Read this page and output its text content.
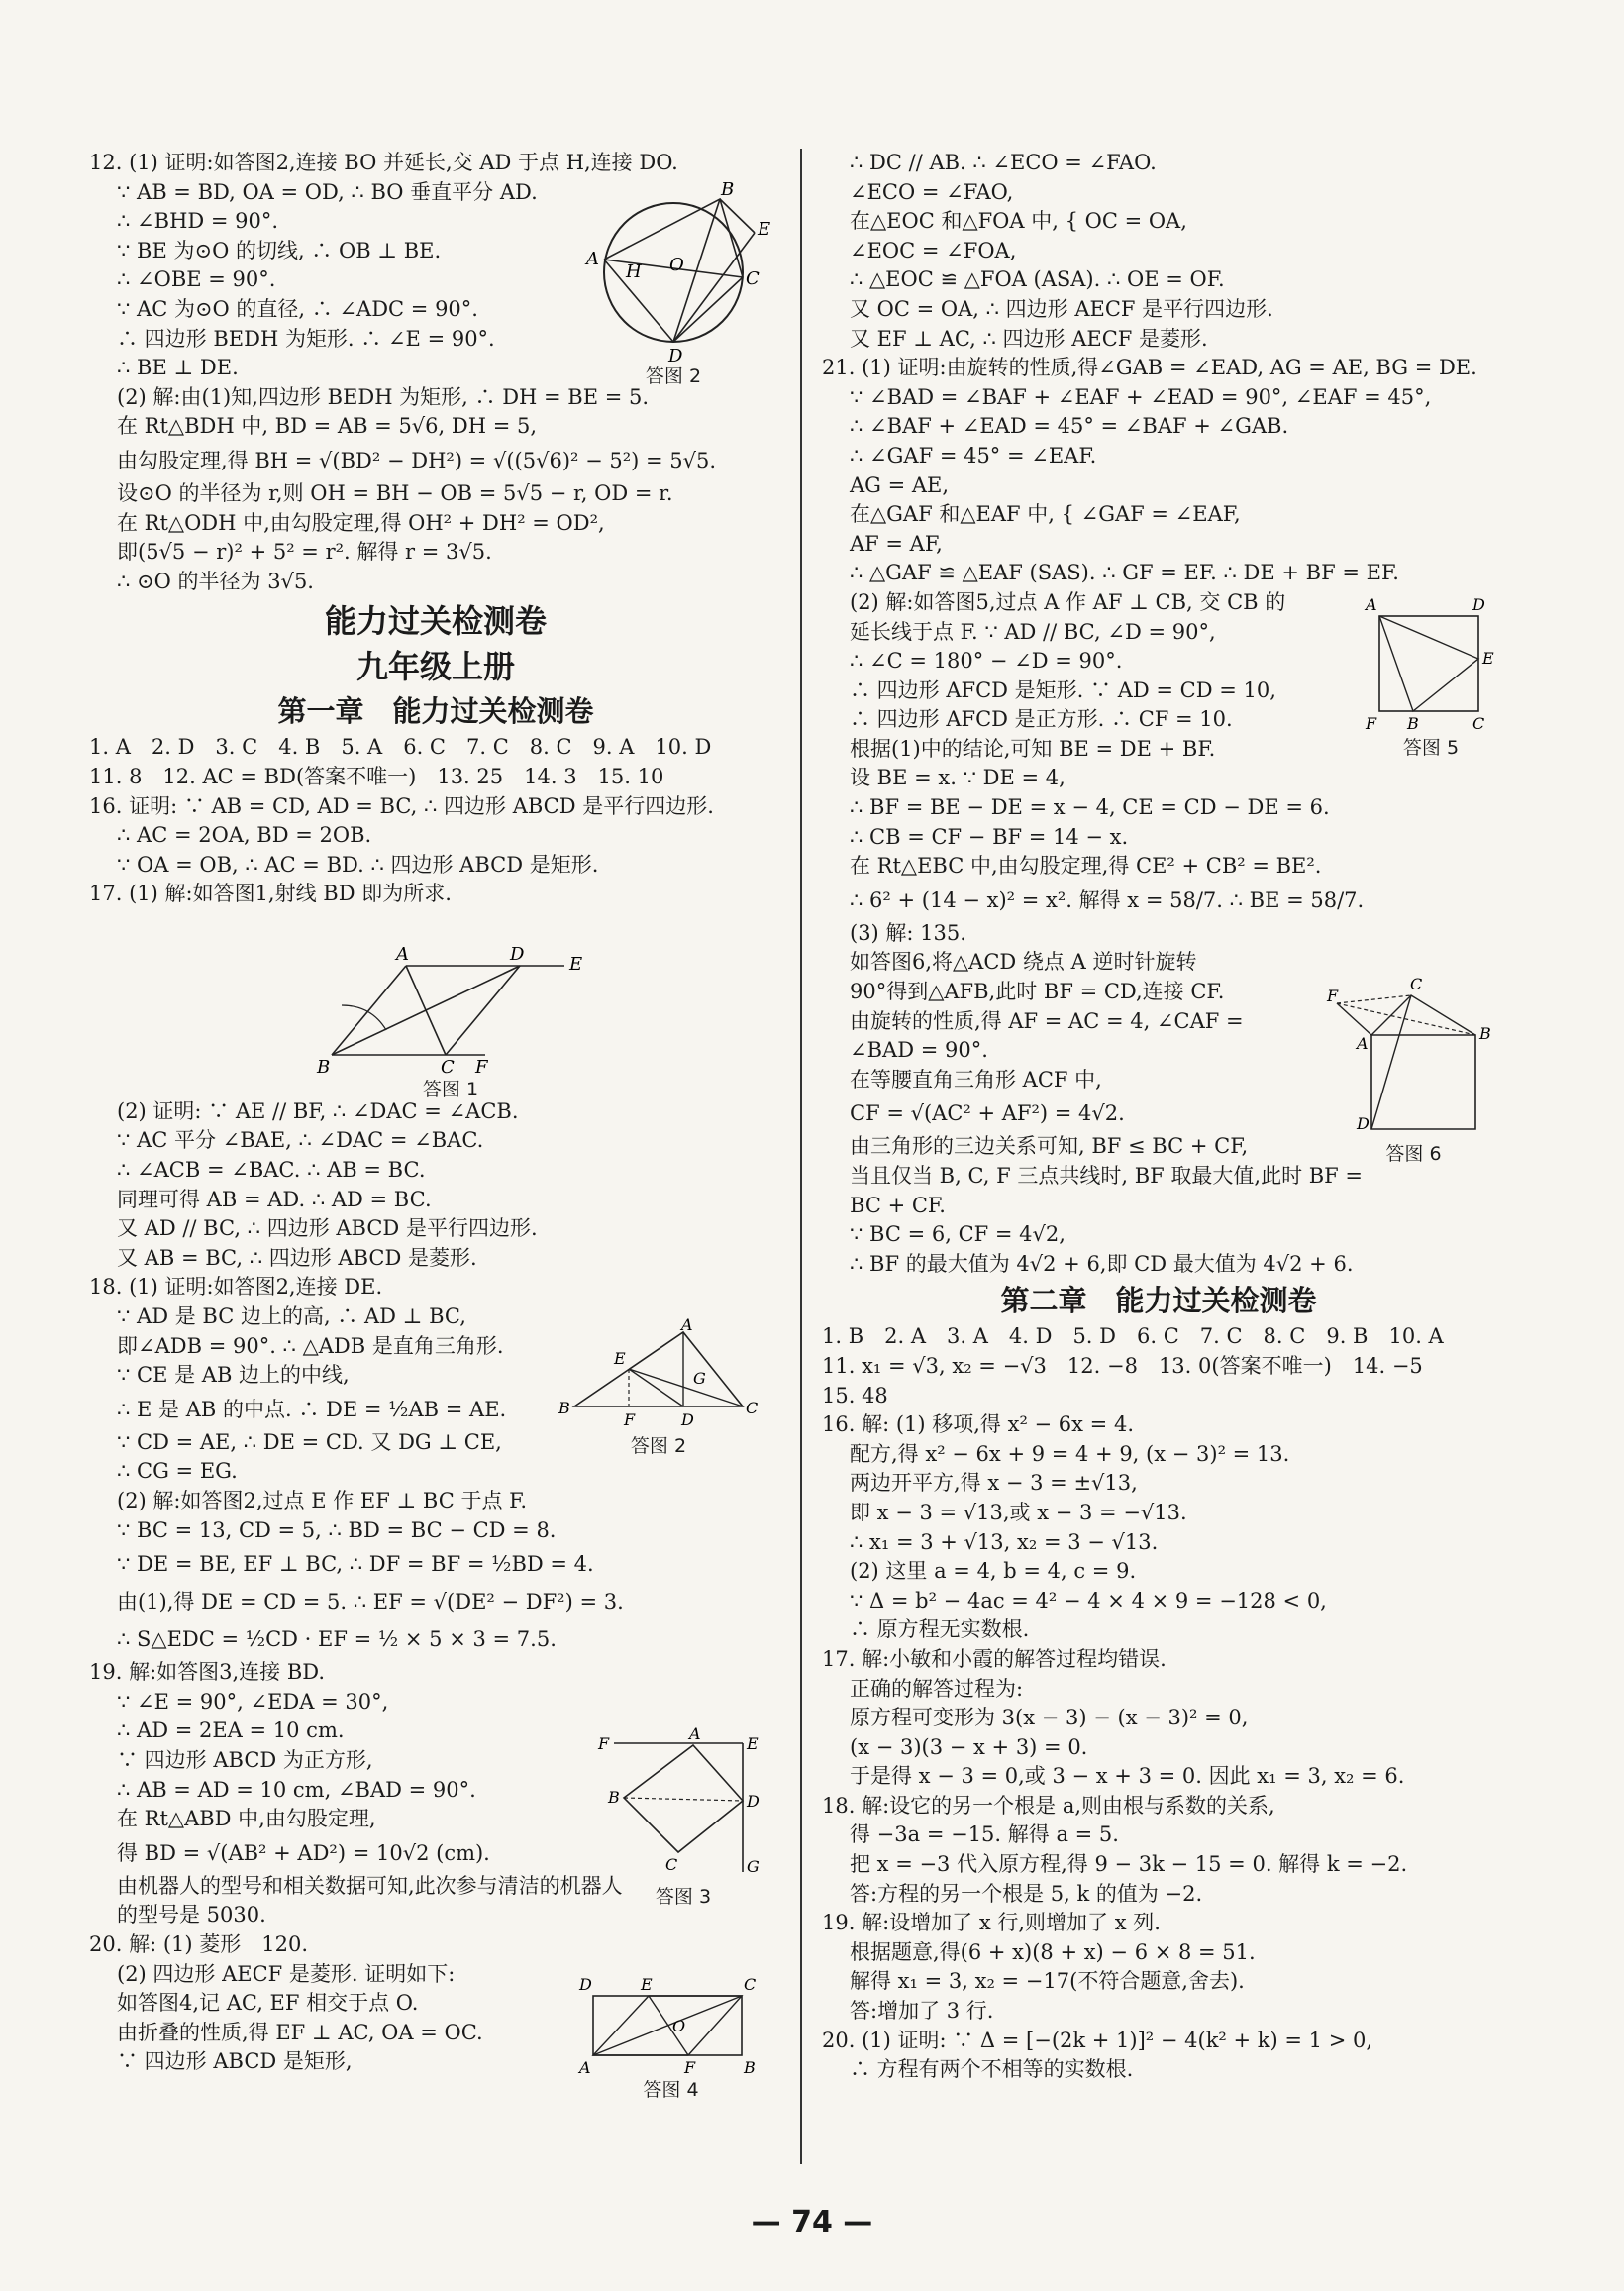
12. (1) 证明:如答图2,连接 BO 并延长,交 AD 于点 H,连接 DO.
∵ AB = BD, OA = OD, ∴ BO 垂直平分 AD.
∴ ∠BHD = 90°.
∵ BE 为⊙O 的切线, ∴ OB ⊥ BE.
∴ ∠OBE = 90°.
∵ AC 为⊙O 的直径, ∴ ∠ADC = 90°.
∴ 四边形 BEDH 为矩形. ∴ ∠E = 90°.
∴ BE ⊥ DE.
(2) 解:由(1)知,四边形 BEDH 为矩形, ∴ DH = BE = 5.
在 Rt△BDH 中, BD = AB = 5√6, DH = 5,
由勾股定理,得 BH = √(BD² − DH²) = √((5√6)² − 5²) = 5√5.
设⊙O 的半径为 r,则 OH = BH − OB = 5√5 − r, OD = r.
在 Rt△ODH 中,由勾股定理,得 OH² + DH² = OD²,
即(5√5 − r)² + 5² = r². 解得 r = 3√5.
∴ ⊙O 的半径为 3√5.
能力过关检测卷
九年级上册
第一章　能力过关检测卷
1. A　2. D　3. C　4. B　5. A　6. C　7. C　8. C　9. A　10. D
11. 8　12. AC = BD(答案不唯一)　13. 25　14. 3　15. 10
16. 证明: ∵ AB = CD, AD = BC, ∴ 四边形 ABCD 是平行四边形.
∴ AC = 2OA, BD = 2OB.
∵ OA = OB, ∴ AC = BD. ∴ 四边形 ABCD 是矩形.
17. (1) 解:如答图1,射线 BD 即为所求.
(2) 证明: ∵ AE // BF, ∴ ∠DAC = ∠ACB.
∵ AC 平分 ∠BAE, ∴ ∠DAC = ∠BAC.
∴ ∠ACB = ∠BAC. ∴ AB = BC.
同理可得 AB = AD. ∴ AD = BC.
又 AD // BC, ∴ 四边形 ABCD 是平行四边形.
又 AB = BC, ∴ 四边形 ABCD 是菱形.
18. (1) 证明:如答图2,连接 DE.
∵ AD 是 BC 边上的高, ∴ AD ⊥ BC,
即∠ADB = 90°. ∴ △ADB 是直角三角形.
∵ CE 是 AB 边上的中线,
∴ E 是 AB 的中点. ∴ DE = ½AB = AE.
∵ CD = AE, ∴ DE = CD. 又 DG ⊥ CE,
∴ CG = EG.
(2) 解:如答图2,过点 E 作 EF ⊥ BC 于点 F.
∵ BC = 13, CD = 5, ∴ BD = BC − CD = 8.
∵ DE = BE, EF ⊥ BC, ∴ DF = BF = ½BD = 4.
由(1),得 DE = CD = 5. ∴ EF = √(DE² − DF²) = 3.
∴ S△EDC = ½CD · EF = ½ × 5 × 3 = 7.5.
19. 解:如答图3,连接 BD.
∵ ∠E = 90°, ∠EDA = 30°,
∴ AD = 2EA = 10 cm.
∵ 四边形 ABCD 为正方形,
∴ AB = AD = 10 cm, ∠BAD = 90°.
在 Rt△ABD 中,由勾股定理,
得 BD = √(AB² + AD²) = 10√2 (cm).
由机器人的型号和相关数据可知,此次参与清洁的机器人
的型号是 5030.
20. 解: (1) 菱形　120.
(2) 四边形 AECF 是菱形. 证明如下:
如答图4,记 AC, EF 相交于点 O.
由折叠的性质,得 EF ⊥ AC, OA = OC.
∵ 四边形 ABCD 是矩形,
∴ DC // AB. ∴ ∠ECO = ∠FAO.
∠ECO = ∠FAO,
在△EOC 和△FOA 中, { OC = OA,
∠EOC = ∠FOA,
∴ △EOC ≌ △FOA (ASA). ∴ OE = OF.
又 OC = OA, ∴ 四边形 AECF 是平行四边形.
又 EF ⊥ AC, ∴ 四边形 AECF 是菱形.
21. (1) 证明:由旋转的性质,得∠GAB = ∠EAD, AG = AE, BG = DE.
∵ ∠BAD = ∠BAF + ∠EAF + ∠EAD = 90°, ∠EAF = 45°,
∴ ∠BAF + ∠EAD = 45° = ∠BAF + ∠GAB.
∴ ∠GAF = 45° = ∠EAF.
AG = AE,
在△GAF 和△EAF 中, { ∠GAF = ∠EAF,
AF = AF,
∴ △GAF ≌ △EAF (SAS). ∴ GF = EF. ∴ DE + BF = EF.
(2) 解:如答图5,过点 A 作 AF ⊥ CB, 交 CB 的
延长线于点 F. ∵ AD // BC, ∠D = 90°,
∴ ∠C = 180° − ∠D = 90°.
∴ 四边形 AFCD 是矩形. ∵ AD = CD = 10,
∴ 四边形 AFCD 是正方形. ∴ CF = 10.
根据(1)中的结论,可知 BE = DE + BF.
设 BE = x. ∵ DE = 4,
∴ BF = BE − DE = x − 4, CE = CD − DE = 6.
∴ CB = CF − BF = 14 − x.
在 Rt△EBC 中,由勾股定理,得 CE² + CB² = BE².
∴ 6² + (14 − x)² = x². 解得 x = 58/7. ∴ BE = 58/7.
(3) 解: 135.
如答图6,将△ACD 绕点 A 逆时针旋转
90°得到△AFB,此时 BF = CD,连接 CF.
由旋转的性质,得 AF = AC = 4, ∠CAF =
∠BAD = 90°.
在等腰直角三角形 ACF 中,
CF = √(AC² + AF²) = 4√2.
由三角形的三边关系可知, BF ≤ BC + CF,
当且仅当 B, C, F 三点共线时, BF 取最大值,此时 BF =
BC + CF.
∵ BC = 6, CF = 4√2,
∴ BF 的最大值为 4√2 + 6,即 CD 最大值为 4√2 + 6.
第二章　能力过关检测卷
1. B　2. A　3. A　4. D　5. D　6. C　7. C　8. C　9. B　10. A
11. x₁ = √3, x₂ = −√3　12. −8　13. 0(答案不唯一)　14. −5
15. 48
16. 解: (1) 移项,得 x² − 6x = 4.
配方,得 x² − 6x + 9 = 4 + 9, (x − 3)² = 13.
两边开平方,得 x − 3 = ±√13,
即 x − 3 = √13,或 x − 3 = −√13.
∴ x₁ = 3 + √13, x₂ = 3 − √13.
(2) 这里 a = 4, b = 4, c = 9.
∵ Δ = b² − 4ac = 4² − 4 × 4 × 9 = −128 < 0,
∴ 原方程无实数根.
17. 解:小敏和小霞的解答过程均错误.
正确的解答过程为:
原方程可变形为 3(x − 3) − (x − 3)² = 0,
(x − 3)(3 − x + 3) = 0.
于是得 x − 3 = 0,或 3 − x + 3 = 0. 因此 x₁ = 3, x₂ = 6.
18. 解:设它的另一个根是 a,则由根与系数的关系,
得 −3a = −15. 解得 a = 5.
把 x = −3 代入原方程,得 9 − 3k − 15 = 0. 解得 k = −2.
答:方程的另一个根是 5, k 的值为 −2.
19. 解:设增加了 x 行,则增加了 x 列.
根据题意,得(6 + x)(8 + x) − 6 × 8 = 51.
解得 x₁ = 3, x₂ = −17(不符合题意,舍去).
答:增加了 3 行.
20. (1) 证明: ∵ Δ = [−(2k + 1)]² − 4(k² + k) = 1 > 0,
∴ 方程有两个不相等的实数根.
A
B
E
C
D
O
H
答图 2
A	D	E
B	C F
答图 1
A
B	C
D
F
E
G
答图 2
F
A
E
D
G
B
C
答图 3
D	E	C
A	F	B
O
答图 4
A	D
E
F B	C
答图 5
F
C
B
A
D
答图 6
— 74 —
